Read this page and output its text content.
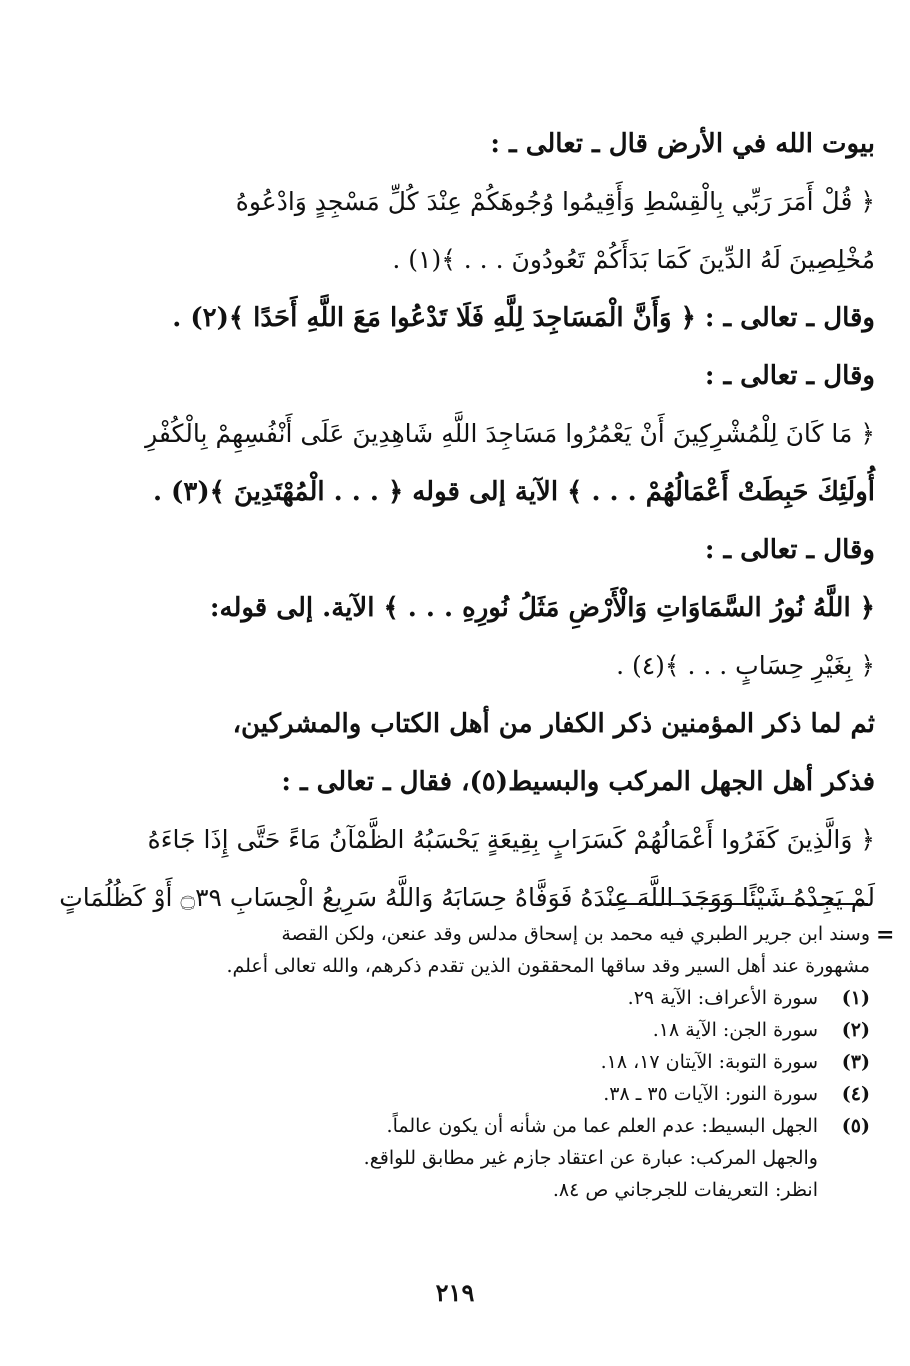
بيوت الله في الأرض قال ـ تعالى ـ :
﴿ قُلْ أَمَرَ رَبِّي بِالْقِسْطِ وَأَقِيمُوا وُجُوهَكُمْ عِنْدَ كُلِّ مَسْجِدٍ وَادْعُوهُ
مُخْلِصِينَ لَهُ الدِّينَ كَمَا بَدَأَكُمْ تَعُودُونَ . . . ﴾(١) .
وقال ـ تعالى ـ : ﴿ وَأَنَّ الْمَسَاجِدَ لِلَّهِ فَلَا تَدْعُوا مَعَ اللَّهِ أَحَدًا ﴾(٢) .
وقال ـ تعالى ـ :
﴿ مَا كَانَ لِلْمُشْرِكِينَ أَنْ يَعْمُرُوا مَسَاجِدَ اللَّهِ شَاهِدِينَ عَلَى أَنْفُسِهِمْ بِالْكُفْرِ
أُولَئِكَ حَبِطَتْ أَعْمَالُهُمْ . . . ﴾ الآية إلى قوله ﴿ . . . الْمُهْتَدِينَ ﴾(٣) .
وقال ـ تعالى ـ :
﴿ اللَّهُ نُورُ السَّمَاوَاتِ وَالْأَرْضِ مَثَلُ نُورِهِ . . . ﴾ الآية. إلى قوله:
﴿ بِغَيْرِ حِسَابٍ . . . ﴾(٤) .
ثم لما ذكر المؤمنين ذكر الكفار من أهل الكتاب والمشركين،
فذكر أهل الجهل المركب والبسيط(٥)، فقال ـ تعالى ـ :
﴿ وَالَّذِينَ كَفَرُوا أَعْمَالُهُمْ كَسَرَابٍ بِقِيعَةٍ يَحْسَبُهُ الظَّمْآنُ مَاءً حَتَّى إِذَا جَاءَهُ
لَمْ يَجِدْهُ شَيْئًا وَوَجَدَ اللَّهَ عِنْدَهُ فَوَفَّاهُ حِسَابَهُ وَاللَّهُ سَرِيعُ الْحِسَابِ ۝٣٩ أَوْ كَظُلُمَاتٍ
=
وسند ابن جرير الطبري فيه محمد بن إسحاق مدلس وقد عنعن، ولكن القصة
مشهورة عند أهل السير وقد ساقها المحققون الذين تقدم ذكرهم، والله تعالى أعلم.
(١)سورة الأعراف: الآية ٢٩.
(٢)سورة الجن: الآية ١٨.
(٣)سورة التوبة: الآيتان ١٧، ١٨.
(٤)سورة النور: الآيات ٣٥ ـ ٣٨.
(٥)الجهل البسيط: عدم العلم عما من شأنه أن يكون عالماً.
والجهل المركب: عبارة عن اعتقاد جازم غير مطابق للواقع.
انظر: التعريفات للجرجاني ص ٨٤.
٢١٩
